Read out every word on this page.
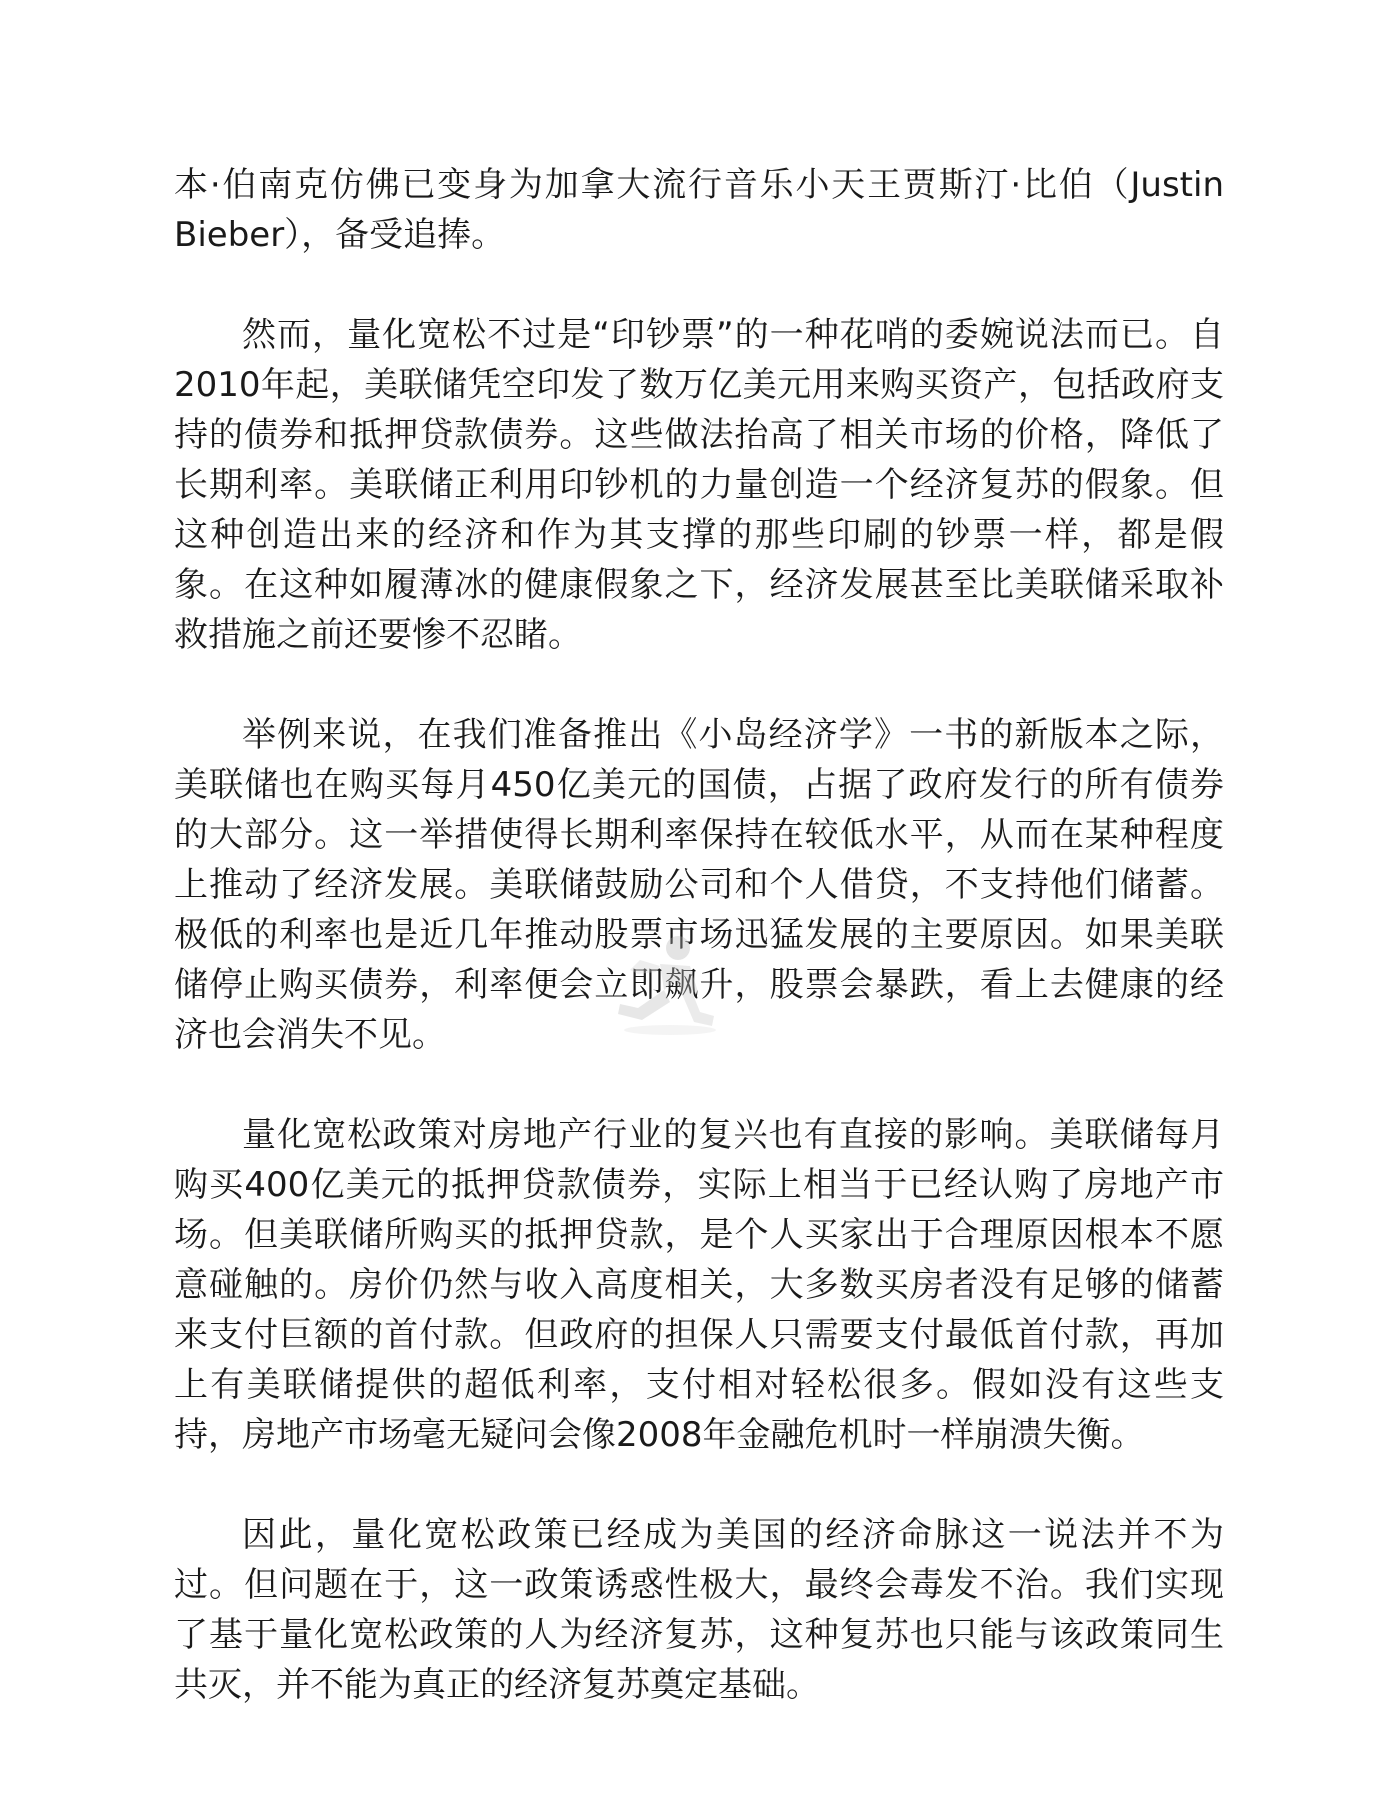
本·伯南克仿佛已变身为加拿大流行音乐小天王贾斯汀·比伯（Justin Bieber），备受追捧。

然而，量化宽松不过是“印钞票”的一种花哨的委婉说法而已。自2010年起，美联储凭空印发了数万亿美元用来购买资产，包括政府支持的债券和抵押贷款债券。这些做法抬高了相关市场的价格，降低了长期利率。美联储正利用印钞机的力量创造一个经济复苏的假象。但这种创造出来的经济和作为其支撑的那些印刷的钞票一样，都是假象。在这种如履薄冰的健康假象之下，经济发展甚至比美联储采取补救措施之前还要惨不忍睹。

举例来说，在我们准备推出《小岛经济学》一书的新版本之际，美联储也在购买每月450亿美元的国债，占据了政府发行的所有债券的大部分。这一举措使得长期利率保持在较低水平，从而在某种程度上推动了经济发展。美联储鼓励公司和个人借贷，不支持他们储蓄。极低的利率也是近几年推动股票市场迅猛发展的主要原因。如果美联储停止购买债券，利率便会立即飙升，股票会暴跌，看上去健康的经济也会消失不见。

量化宽松政策对房地产行业的复兴也有直接的影响。美联储每月购买400亿美元的抵押贷款债券，实际上相当于已经认购了房地产市场。但美联储所购买的抵押贷款，是个人买家出于合理原因根本不愿意碰触的。房价仍然与收入高度相关，大多数买房者没有足够的储蓄来支付巨额的首付款。但政府的担保人只需要支付最低首付款，再加上有美联储提供的超低利率，支付相对轻松很多。假如没有这些支持，房地产市场毫无疑问会像2008年金融危机时一样崩溃失衡。

因此，量化宽松政策已经成为美国的经济命脉这一说法并不为过。但问题在于，这一政策诱惑性极大，最终会毒发不治。我们实现了基于量化宽松政策的人为经济复苏，这种复苏也只能与该政策同生共灭，并不能为真正的经济复苏奠定基础。
